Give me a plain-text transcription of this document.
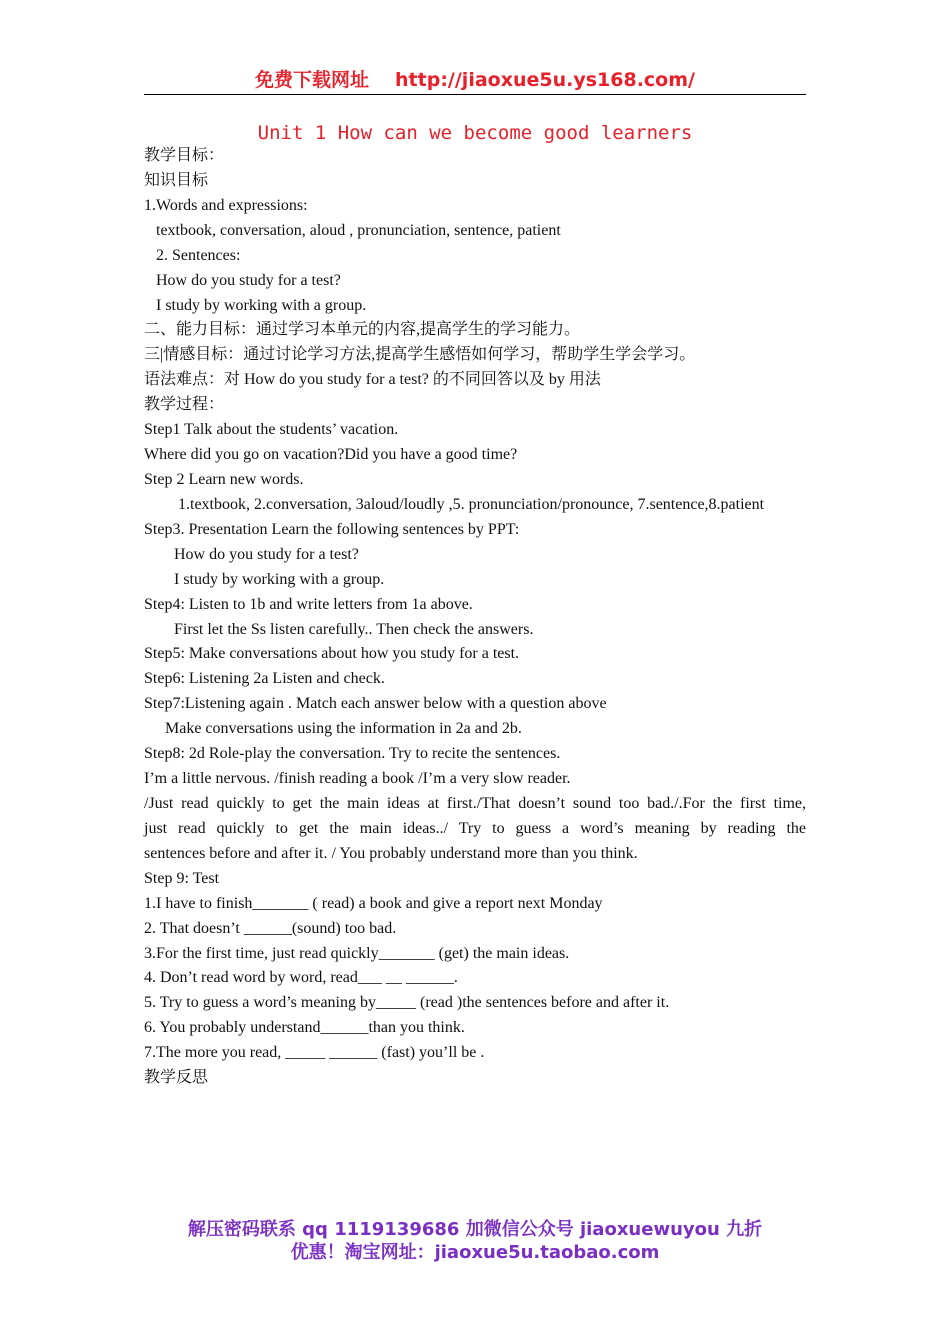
免费下载网址 http://jiaoxue5u.ys168.com/
Unit 1 How can we become good learners
教学目标：
知识目标
1.Words and expressions:
textbook, conversation, aloud , pronunciation, sentence, patient
2. Sentences:
How do you study for a test?
I study by working with a group.
二、能力目标：通过学习本单元的内容,提高学生的学习能力。
三|情感目标：通过讨论学习方法,提高学生感悟如何学习，帮助学生学会学习。
语法难点：对 How do you study for a test? 的不同回答以及 by 用法
教学过程：
Step1 Talk about the students’ vacation.
Where did you go on vacation?Did you have a good time?
Step 2 Learn new words.
1.textbook, 2.conversation, 3aloud/loudly ,5. pronunciation/pronounce, 7.sentence,8.patient
Step3. Presentation Learn the following sentences by PPT:
How do you study for a test?
I study by working with a group.
Step4: Listen to 1b and write letters from 1a above.
First let the Ss listen carefully.. Then check the answers.
Step5: Make conversations about how you study for a test.
Step6: Listening 2a Listen and check.
Step7:Listening again . Match each answer below with a question above
Make conversations using the information in 2a and 2b.
Step8: 2d Role-play the conversation. Try to recite the sentences.
I’m a little nervous. /finish reading a book /I’m a very slow reader.
/Just read quickly to get the main ideas at first./That doesn’t sound too bad./.For the first time,
just read quickly to get the main ideas../ Try to guess a word’s meaning by reading the
sentences before and after it. / You probably understand more than you think.
Step 9: Test
1.I have to finish_______ ( read) a book and give a report next Monday
2. That doesn’t ______(sound) too bad.
3.For the first time, just read quickly_______ (get) the main ideas.
4. Don’t read word by word, read___ __ ______.
5. Try to guess a word’s meaning by_____ (read )the sentences before and after it.
6. You probably understand______than you think.
7.The more you read, _____ ______ (fast) you’ll be .
教学反思
解压密码联系 qq 1119139686 加微信公众号 jiaoxuewuyou 九折
优惠！淘宝网址：jiaoxue5u.taobao.com
